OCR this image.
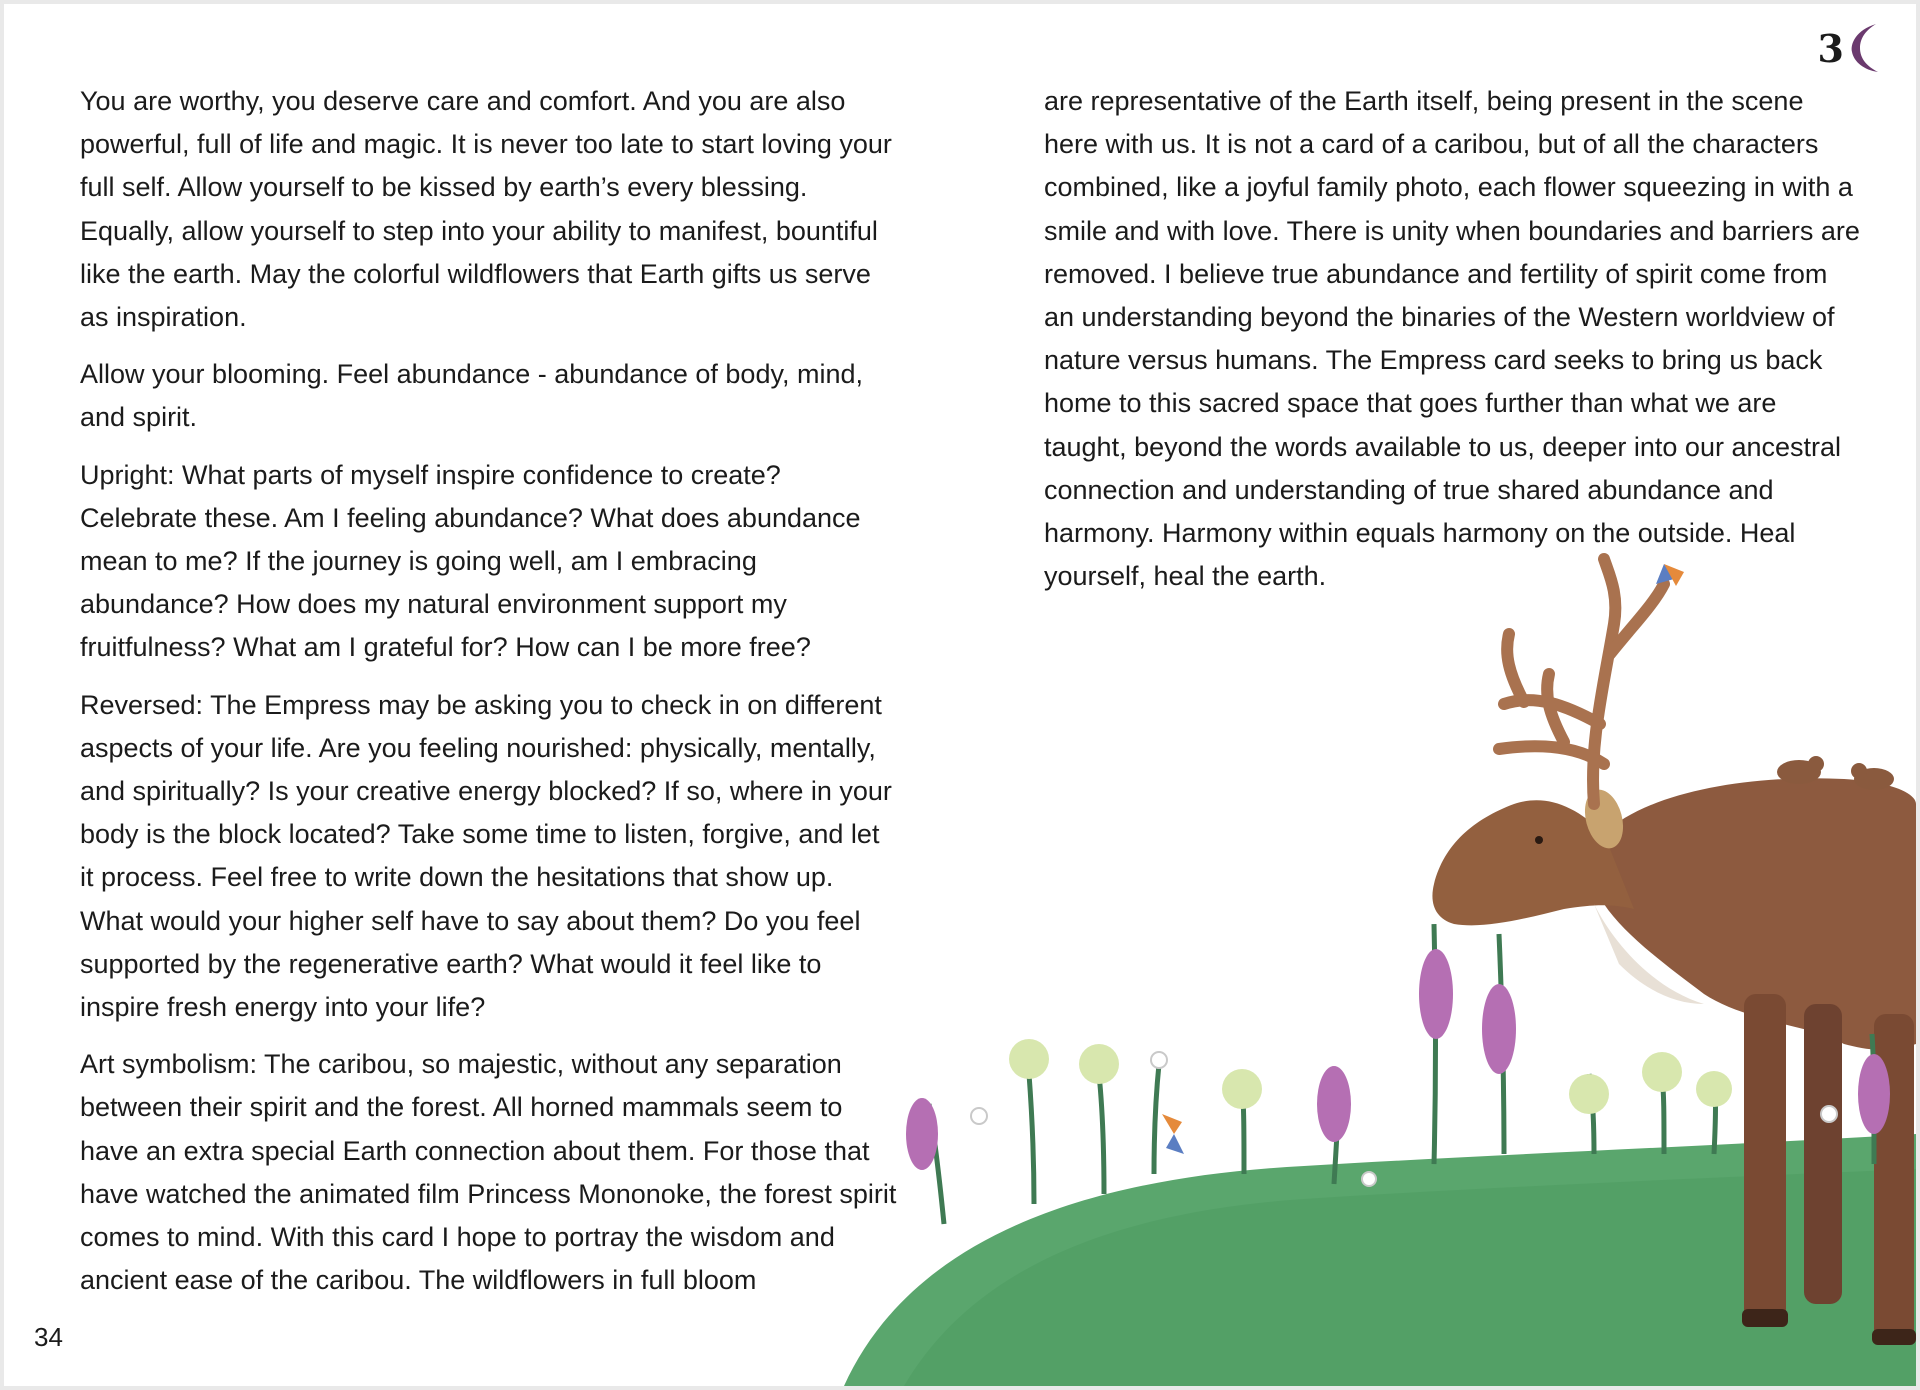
3

You are worthy, you deserve care and comfort. And you are also powerful, full of life and magic. It is never too late to start loving your full self. Allow yourself to be kissed by earth’s every blessing. Equally, allow yourself to step into your ability to manifest, bountiful like the earth. May the colorful wildflowers that Earth gifts us serve as inspiration.

Allow your blooming. Feel abundance - abundance of body, mind, and spirit.

Upright: What parts of myself inspire confidence to create? Celebrate these. Am I feeling abundance? What does abundance mean to me? If the journey is going well, am I embracing abundance? How does my natural environment support my fruitfulness? What am I grateful for? How can I be more free?

Reversed: The Empress may be asking you to check in on different aspects of your life. Are you feeling nourished: physically, mentally, and spiritually? Is your creative energy blocked? If so, where in your body is the block located? Take some time to listen, forgive, and let it process. Feel free to write down the hesitations that show up. What would your higher self have to say about them? Do you feel supported by the regenerative earth? What would it feel like to inspire fresh energy into your life?

Art symbolism: The caribou, so majestic, without any separation between their spirit and the forest. All horned mammals seem to have an extra special Earth connection about them. For those that have watched the animated film Princess Mononoke, the forest spirit comes to mind. With this card I hope to portray the wisdom and ancient ease of the caribou. The wildflowers in full bloom

are representative of the Earth itself, being present in the scene here with us. It is not a card of a caribou, but of all the characters combined, like a joyful family photo, each flower squeezing in with a smile and with love. There is unity when boundaries and barriers are removed. I believe true abundance and fertility of spirit come from an understanding beyond the binaries of the Western worldview of nature versus humans. The Empress card seeks to bring us back home to this sacred space that goes further than what we are taught, beyond the words available to us, deeper into our ancestral connection and understanding of true shared abundance and harmony. Harmony within equals harmony on the outside. Heal yourself, heal the earth.

34
